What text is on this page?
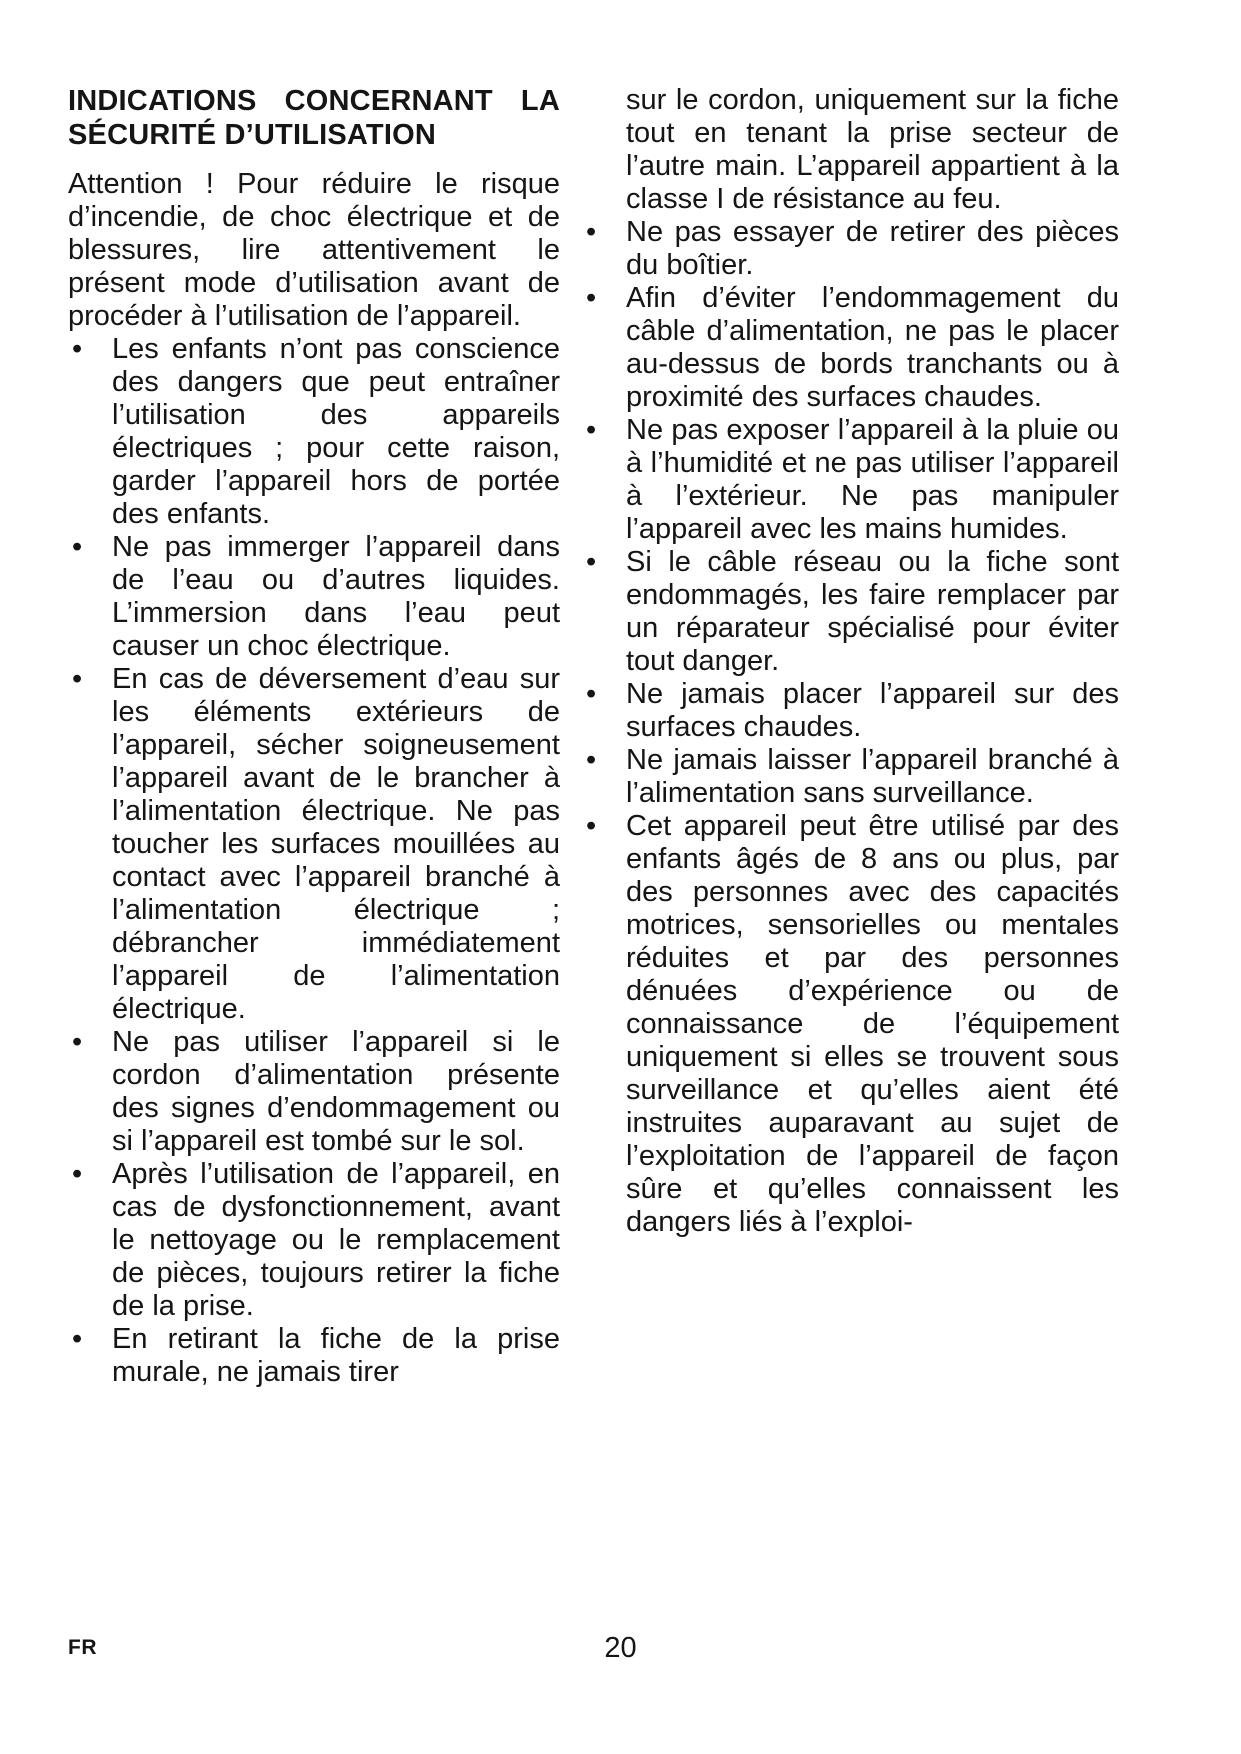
INDICATIONS CONCERNANT LA SÉCURITÉ D’UTILISATION

Attention ! Pour réduire le risque d’incendie, de choc électrique et de blessures, lire attentivement le présent mode d’utilisation avant de procéder à l’utilisation de l’appareil.

• Les enfants n’ont pas conscience des dangers que peut entraîner l’utilisation des appareils électriques ; pour cette raison, garder l’appareil hors de portée des enfants.
• Ne pas immerger l’appareil dans de l’eau ou d’autres liquides. L’immersion dans l’eau peut causer un choc électrique.
• En cas de déversement d’eau sur les éléments extérieurs de l’appareil, sécher soigneusement l’appareil avant de le brancher à l’alimentation électrique. Ne pas toucher les surfaces mouillées au contact avec l’appareil branché à l’alimentation électrique ; débrancher immédiatement l’appareil de l’alimentation électrique.
• Ne pas utiliser l’appareil si le cordon d’alimentation présente des signes d’endommagement ou si l’appareil est tombé sur le sol.
• Après l’utilisation de l’appareil, en cas de dysfonctionnement, avant le nettoyage ou le remplacement de pièces, toujours retirer la fiche de la prise.
• En retirant la fiche de la prise murale, ne jamais tirer

sur le cordon, uniquement sur la fiche tout en tenant la prise secteur de l’autre main. L’appareil appartient à la classe I de résistance au feu.

• Ne pas essayer de retirer des pièces du boîtier.
• Afin d’éviter l’endommagement du câble d’alimentation, ne pas le placer au-dessus de bords tranchants ou à proximité des surfaces chaudes.
• Ne pas exposer l’appareil à la pluie ou à l’humidité et ne pas utiliser l’appareil à l’extérieur. Ne pas manipuler l’appareil avec les mains humides.
• Si le câble réseau ou la fiche sont endommagés, les faire remplacer par un réparateur spécialisé pour éviter tout danger.
• Ne jamais placer l’appareil sur des surfaces chaudes.
• Ne jamais laisser l’appareil branché à l’alimentation sans surveillance.
• Cet appareil peut être utilisé par des enfants âgés de 8 ans ou plus, par des personnes avec des capacités motrices, sensorielles ou mentales réduites et par des personnes dénuées d’expérience ou de connaissance de l’équipement uniquement si elles se trouvent sous surveillance et qu’elles aient été instruites auparavant au sujet de l’exploitation de l’appareil de façon sûre et qu’elles connaissent les dangers liés à l’exploi-
FR	20
